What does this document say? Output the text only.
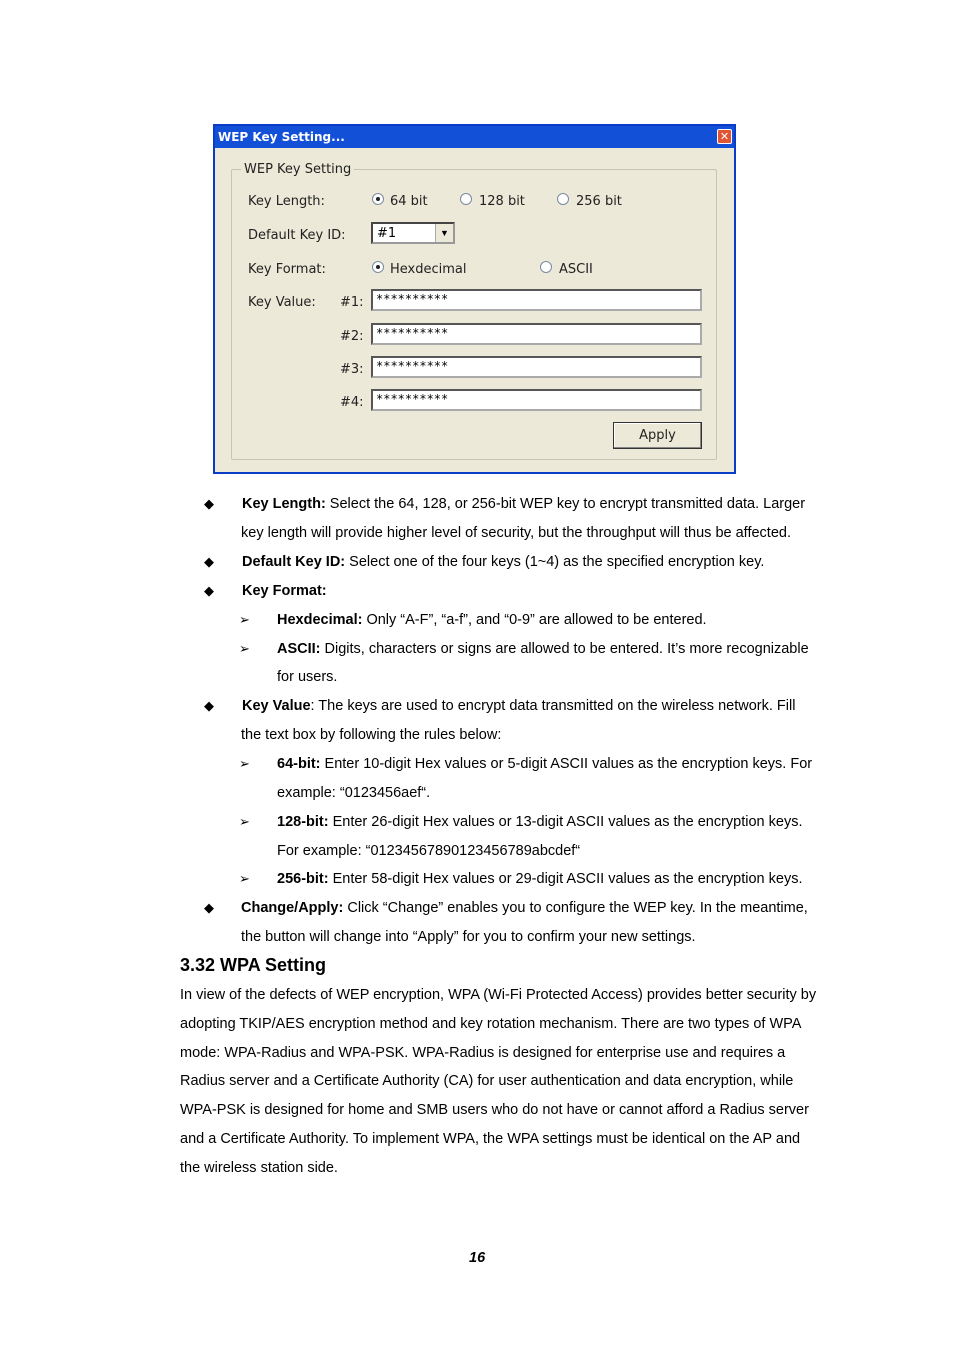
WEP Key Setting...	✕
WEP Key Setting
Key Length:	64 bit	128 bit	256 bit
Default Key ID: #1	▼
Key Format:	Hexdecimal	ASCII
Key Value: #1:	**********
#2:	**********
#3:	**********
#4:	**********
Apply
◆ Key Length: Select the 64, 128, or 256-bit WEP key to encrypt transmitted data. Larger
key length will provide higher level of security, but the throughput will thus be affected.
◆ Default Key ID: Select one of the four keys (1~4) as the specified encryption key.
◆ Key Format:
➢ Hexdecimal: Only “A-F”, “a-f”, and “0-9” are allowed to be entered.
➢ ASCII: Digits, characters or signs are allowed to be entered. It’s more recognizable
for users.
◆ Key Value: The keys are used to encrypt data transmitted on the wireless network. Fill
the text box by following the rules below:
➢ 64-bit: Enter 10-digit Hex values or 5-digit ASCII values as the encryption keys. For
example: “0123456aef“.
➢ 128-bit: Enter 26-digit Hex values or 13-digit ASCII values as the encryption keys.
For example: “01234567890123456789abcdef“
➢ 256-bit: Enter 58-digit Hex values or 29-digit ASCII values as the encryption keys.
◆ Change/Apply: Click “Change” enables you to configure the WEP key. In the meantime,
the button will change into “Apply” for you to confirm your new settings.
3.32 WPA Setting
In view of the defects of WEP encryption, WPA (Wi-Fi Protected Access) provides better security by
adopting TKIP/AES encryption method and key rotation mechanism. There are two types of WPA
mode: WPA-Radius and WPA-PSK. WPA-Radius is designed for enterprise use and requires a
Radius server and a Certificate Authority (CA) for user authentication and data encryption, while
WPA-PSK is designed for home and SMB users who do not have or cannot afford a Radius server
and a Certificate Authority. To implement WPA, the WPA settings must be identical on the AP and
the wireless station side.
16
